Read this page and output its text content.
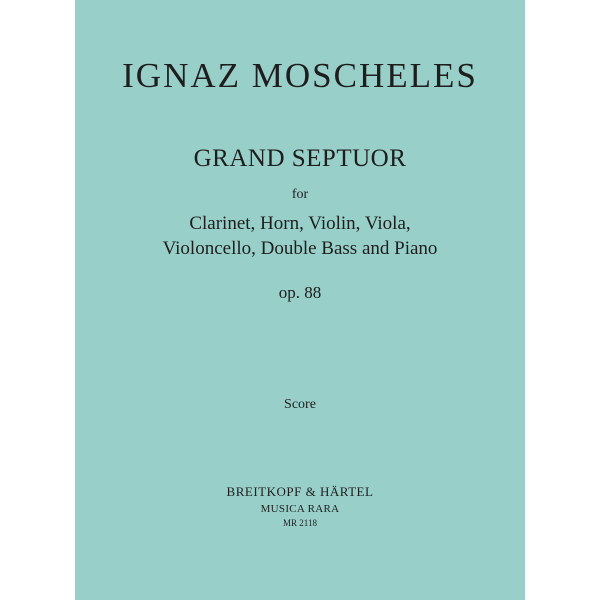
IGNAZ MOSCHELES

GRAND SEPTUOR

for

Clarinet, Horn, Violin, Viola,

Violoncello, Double Bass and Piano

op. 88

Score

BREITKOPF & HÄRTEL

MUSICA RARA

MR 2118
